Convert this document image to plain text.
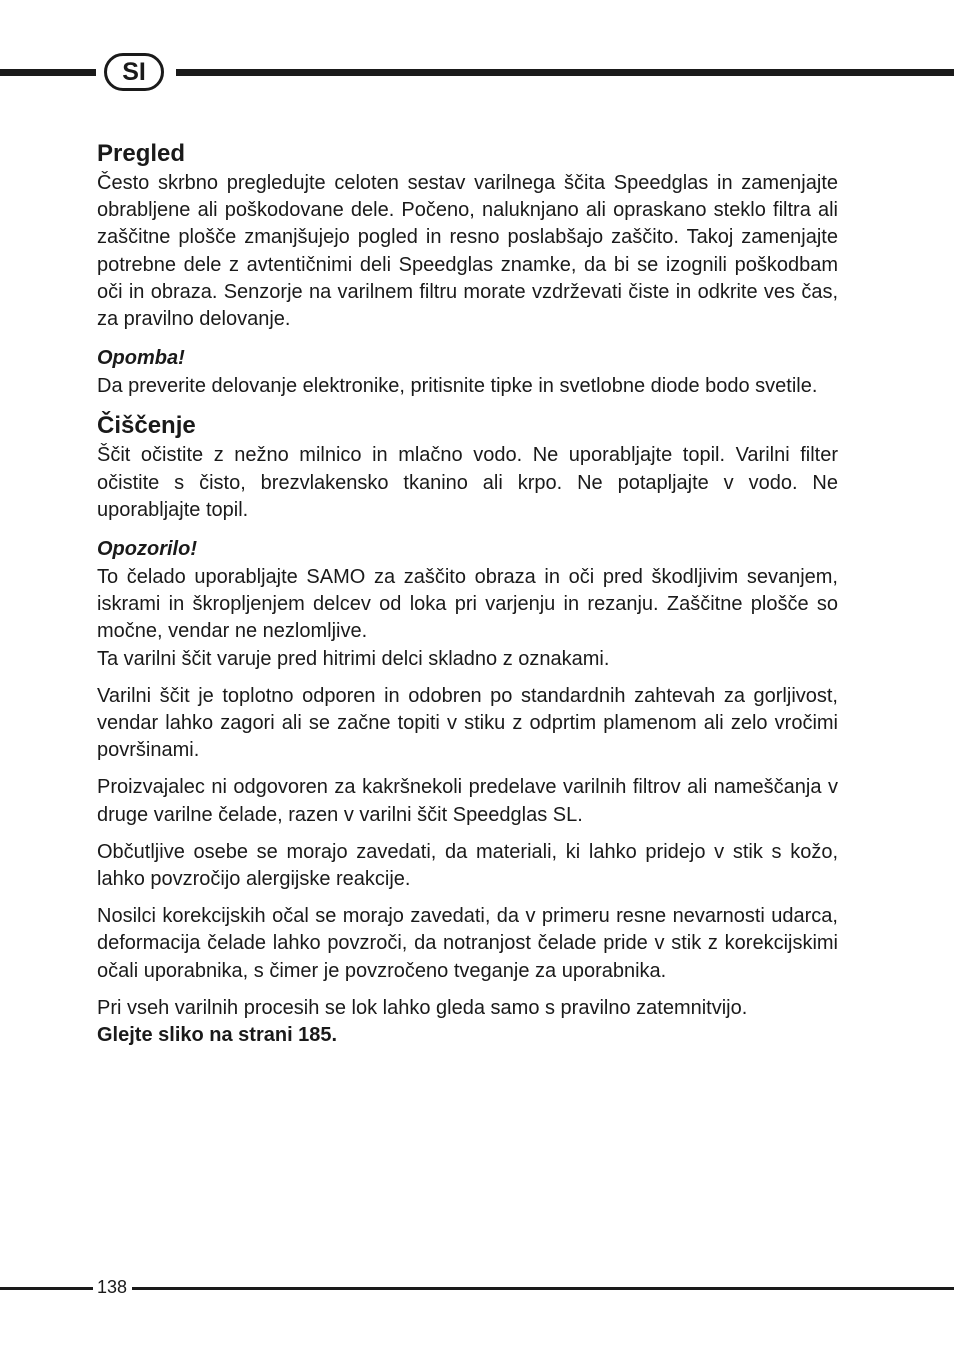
SI
Pregled

Često skrbno pregledujte celoten sestav varilnega ščita Speedglas in zamenjajte obrabljene ali poškodovane dele. Počeno, naluknjano ali opraskano steklo filtra ali zaščitne plošče zmanjšujejo pogled in resno poslabšajo zaščito. Takoj zamenjajte potrebne dele z avtentičnimi deli Speedglas znamke, da bi se izognili poškodbam oči in obraza. Senzorje na varilnem filtru morate vzdrževati čiste in odkrite ves čas, za pravilno delovanje.

Opomba!

Da preverite delovanje elektronike, pritisnite tipke in svetlobne diode bodo svetile.

Čiščenje

Ščit očistite z nežno milnico in mlačno vodo. Ne uporabljajte topil. Varilni filter očistite s čisto, brezvlakensko tkanino ali krpo. Ne potapljajte v vodo. Ne uporabljajte topil.

Opozorilo!

To čelado uporabljajte SAMO za zaščito obraza in oči pred škodljivim sevanjem, iskrami in škropljenjem delcev od loka pri varjenju in rezanju. Zaščitne plošče so močne, vendar ne nezlomljive.

Ta varilni ščit varuje pred hitrimi delci skladno z oznakami.

Varilni ščit je toplotno odporen in odobren po standardnih zahtevah za gorljivost, vendar lahko zagori ali se začne topiti v stiku z odprtim plamenom ali zelo vročimi površinami.

Proizvajalec ni odgovoren za kakršnekoli predelave varilnih filtrov ali nameščanja v druge varilne čelade, razen v varilni ščit Speedglas SL.

Občutljive osebe se morajo zavedati, da materiali, ki lahko pridejo v stik s kožo, lahko povzročijo alergijske reakcije.

Nosilci korekcijskih očal se morajo zavedati, da v primeru resne nevarnosti udarca, deformacija čelade lahko povzroči, da notranjost čelade pride v stik z korekcijskimi očali uporabnika, s čimer je povzročeno tveganje za uporabnika.

Pri vseh varilnih procesih se lok lahko gleda samo s pravilno zatemnitvijo.

Glejte sliko na strani 185.

138
